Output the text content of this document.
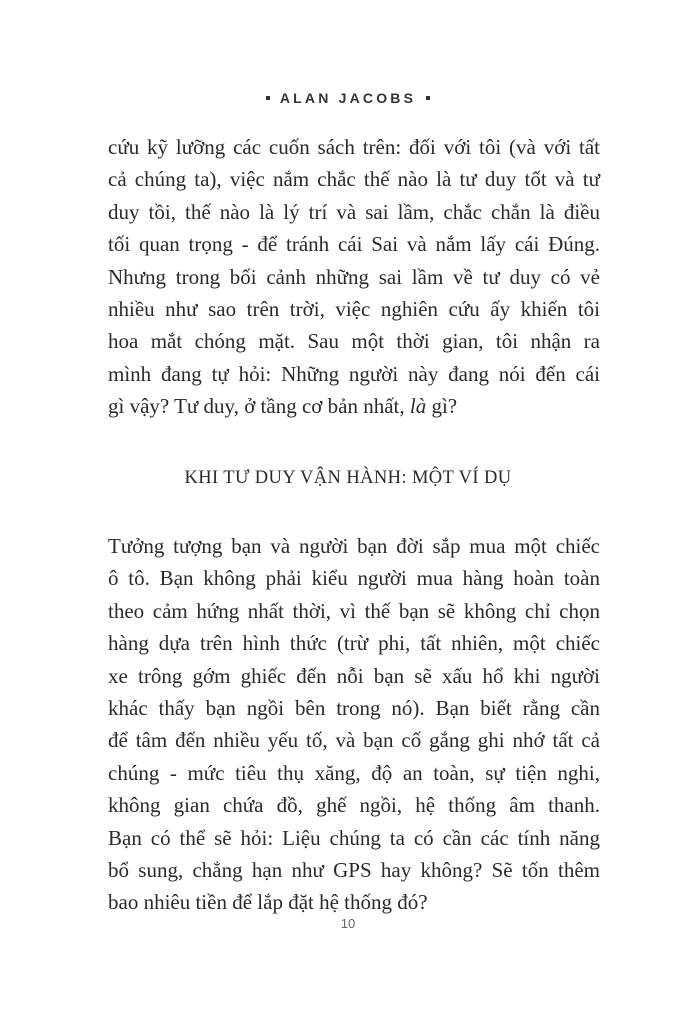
ALAN JACOBS
cứu kỹ lưỡng các cuốn sách trên: đối với tôi (và với tất
cả chúng ta), việc nắm chắc thế nào là tư duy tốt và tư
duy tồi, thế nào là lý trí và sai lầm, chắc chắn là điều
tối quan trọng - để tránh cái Sai và nắm lấy cái Đúng.
Nhưng trong bối cảnh những sai lầm về tư duy có vẻ
nhiều như sao trên trời, việc nghiên cứu ấy khiến tôi
hoa mắt chóng mặt. Sau một thời gian, tôi nhận ra
mình đang tự hỏi: Những người này đang nói đến cái
gì vậy? Tư duy, ở tầng cơ bản nhất, là gì?
KHI TƯ DUY VẬN HÀNH: MỘT VÍ DỤ
Tưởng tượng bạn và người bạn đời sắp mua một chiếc
ô tô. Bạn không phải kiểu người mua hàng hoàn toàn
theo cảm hứng nhất thời, vì thế bạn sẽ không chỉ chọn
hàng dựa trên hình thức (trừ phi, tất nhiên, một chiếc
xe trông gớm ghiếc đến nỗi bạn sẽ xấu hổ khi người
khác thấy bạn ngồi bên trong nó). Bạn biết rằng cần
để tâm đến nhiều yếu tố, và bạn cố gắng ghi nhớ tất cả
chúng - mức tiêu thụ xăng, độ an toàn, sự tiện nghi,
không gian chứa đồ, ghế ngồi, hệ thống âm thanh.
Bạn có thể sẽ hỏi: Liệu chúng ta có cần các tính năng
bổ sung, chẳng hạn như GPS hay không? Sẽ tốn thêm
bao nhiêu tiền để lắp đặt hệ thống đó?
10
